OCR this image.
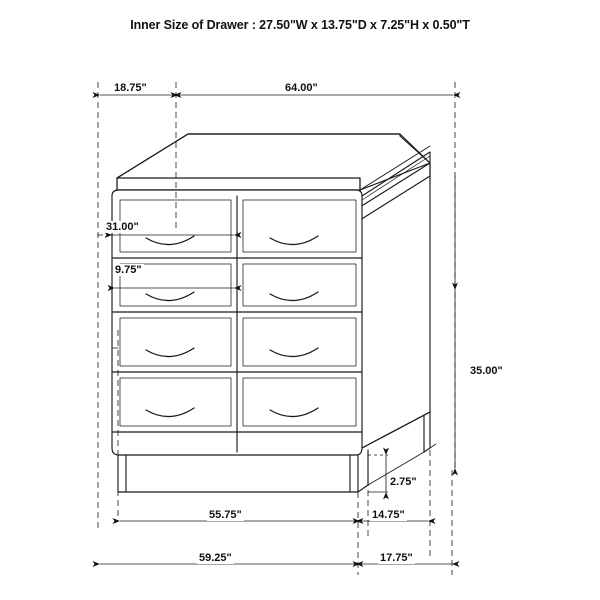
Inner Size of Drawer : 27.50"W x 13.75"D x 7.25"H x 0.50"T
18.75"	64.00"
31.00"
9.75"
35.00"
2.75"
55.75"	14.75"
59.25"	17.75"
